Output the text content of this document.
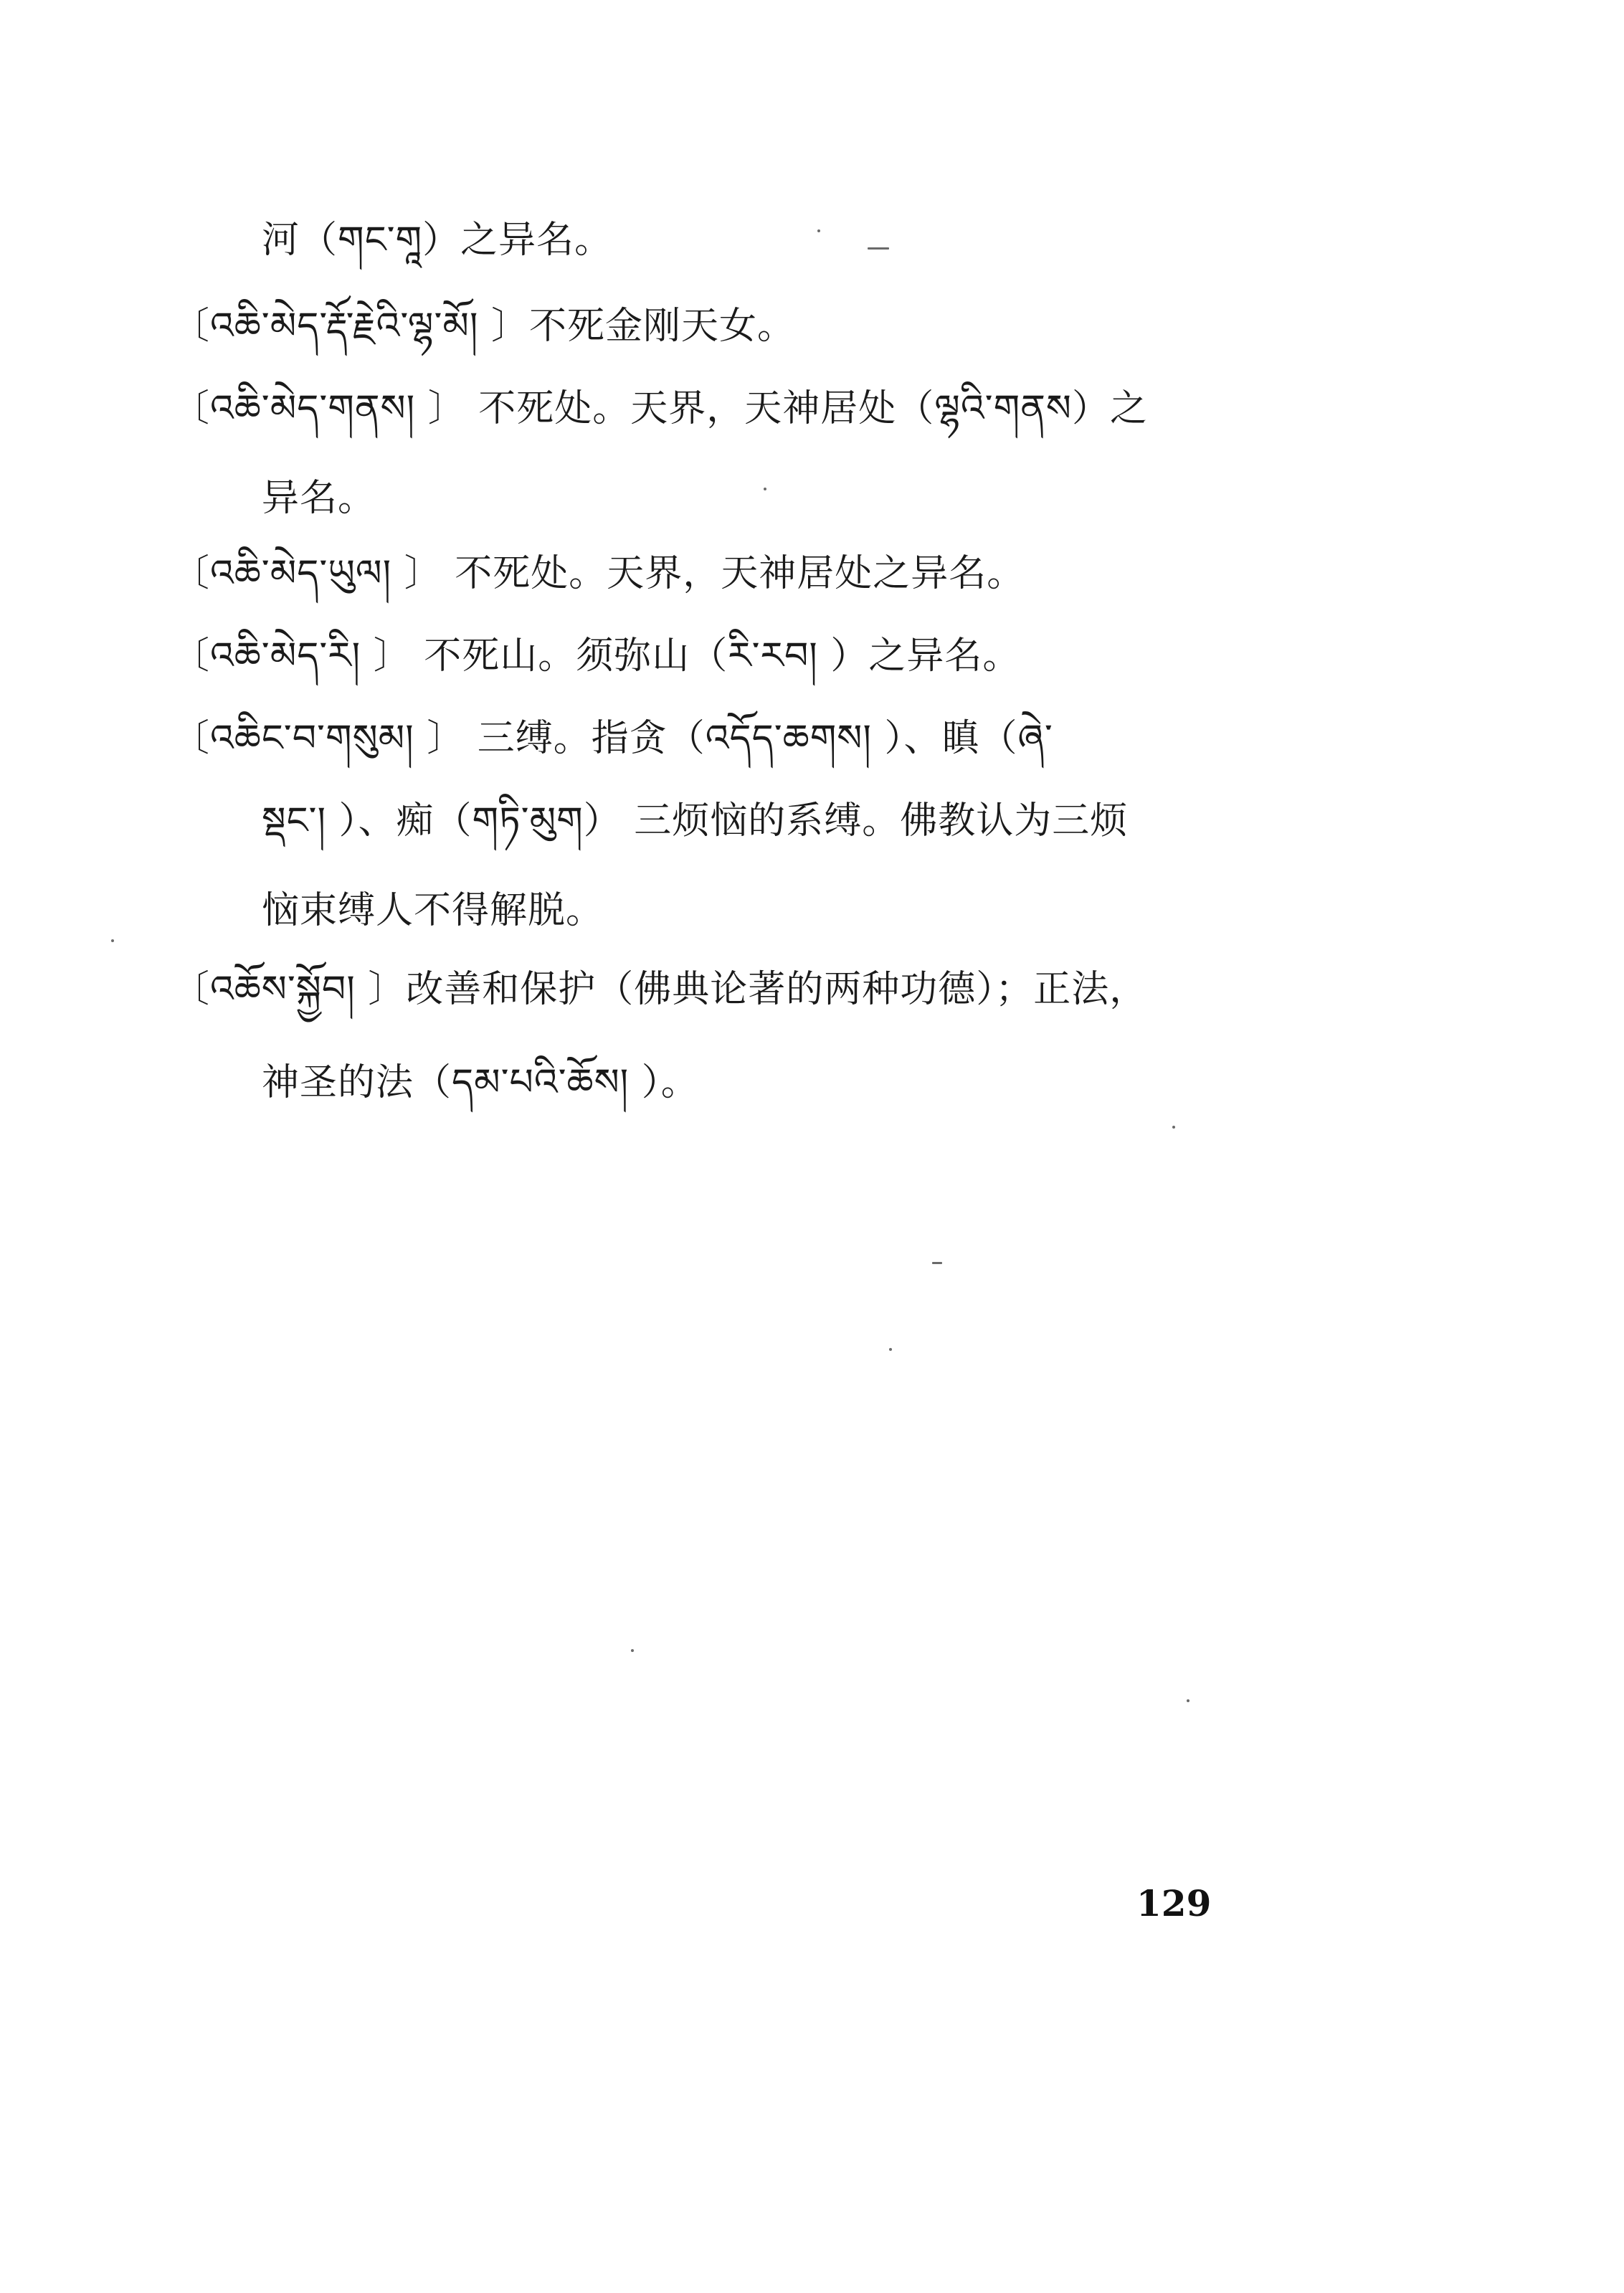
河（གང་གཱ）之异名。
〔འཆི་མེད་རྡོ་རྗེའི་ལྷ་མོ། 〕不死金刚天女。
〔འཆི་མེད་གནས། 〕 不死处。天界，天神居处（ལྷའི་གནས）之
异名。
〔འཆི་མེད་ཡུལ། 〕 不死处。天界，天神居处之异名。
〔འཆི་མེད་རི། 〕 不死山。须弥山（རི་རབ། ）之异名。
〔འཆིང་བ་གསུམ། 〕 三缚。指贪（འདོད་ཆགས། ）、瞋（ཞེ་
སྡང་། ）、痴（གཏི་མུག） 三烦恼的系缚。佛教认为三烦
恼束缚人不得解脱。
〔འཆོས་སྐྱོབ། 〕改善和保护（佛典论著的两种功德）；正法，
神圣的法（དམ་པའི་ཆོས། ）。
129
